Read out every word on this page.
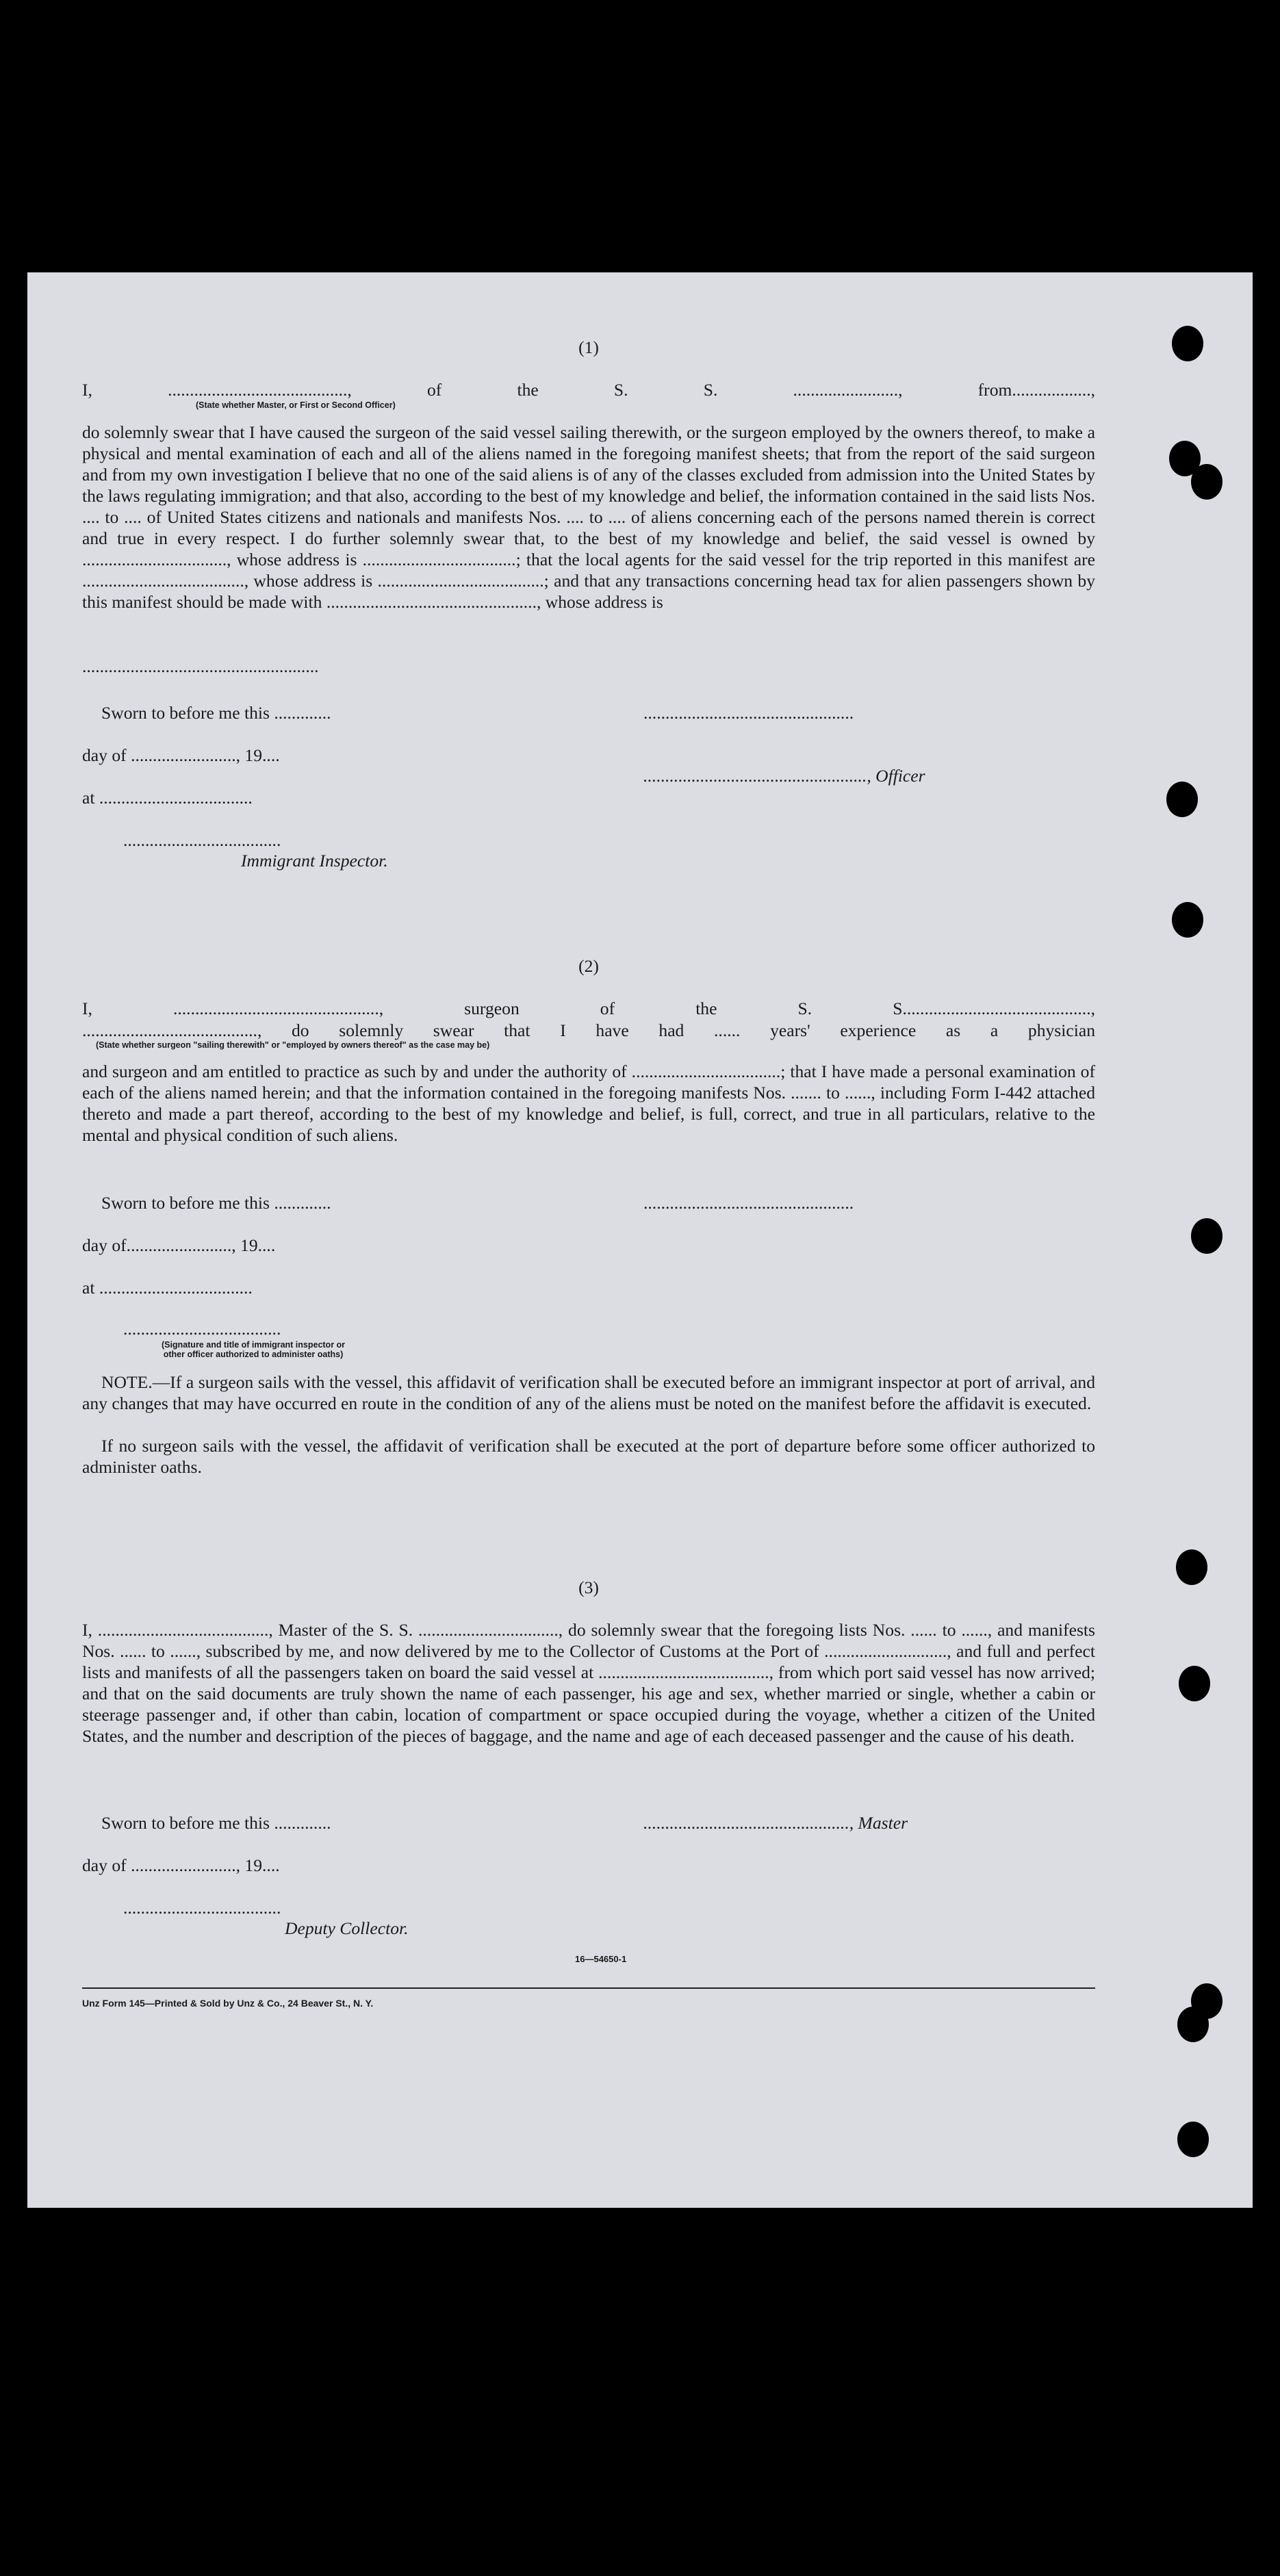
(1)
I, ........................................., of the S. S. ........................, from..................,
(State whether Master, or First or Second Officer)
do solemnly swear that I have caused the surgeon of the said vessel sailing therewith, or the surgeon employed by the owners thereof, to make a physical and mental examination of each and all of the aliens named in the foregoing manifest sheets; that from the report of the said surgeon and from my own investigation I believe that no one of the said aliens is of any of the classes excluded from admission into the United States by the laws regulating immigration; and that also, according to the best of my knowledge and belief, the information contained in the said lists Nos. .... to .... of United States citizens and nationals and manifests Nos. .... to .... of aliens concerning each of the persons named therein is correct and true in every respect. I do further solemnly swear that, to the best of my knowledge and belief, the said vessel is owned by ................................., whose address is ...................................; that the local agents for the said vessel for the trip reported in this manifest are ....................................., whose address is ......................................; and that any transactions concerning head tax for alien passengers shown by this manifest should be made with ................................................, whose address is
......................................................
Sworn to before me this .............	................................................
day of ........................, 19....
..................................................., Officer
at ...................................
....................................
Immigrant Inspector.
(2)
I, ..............................................., surgeon of the S. S...........................................,
........................................, do solemnly swear that I have had ...... years' experience as a physician
(State whether surgeon "sailing therewith" or "employed by owners thereof" as the case may be)
and surgeon and am entitled to practice as such by and under the authority of ..................................; that I have made a personal examination of each of the aliens named herein; and that the information contained in the foregoing manifests Nos. ....... to ......, including Form I-442 attached thereto and made a part thereof, according to the best of my knowledge and belief, is full, correct, and true in all particulars, relative to the mental and physical condition of such aliens.
Sworn to before me this .............	................................................
day of........................, 19....
at ...................................
....................................
(Signature and title of immigrant inspector or
other officer authorized to administer oaths)
NOTE.—If a surgeon sails with the vessel, this affidavit of verification shall be executed before an immigrant inspector at port of arrival, and any changes that may have occurred en route in the condition of any of the aliens must be noted on the manifest before the affidavit is executed.
If no surgeon sails with the vessel, the affidavit of verification shall be executed at the port of departure before some officer authorized to administer oaths.
(3)
I, ......................................., Master of the S. S. ................................, do solemnly swear that the foregoing lists Nos. ...... to ......, and manifests Nos. ...... to ......, subscribed by me, and now delivered by me to the Collector of Customs at the Port of ............................, and full and perfect lists and manifests of all the passengers taken on board the said vessel at ......................................., from which port said vessel has now arrived; and that on the said documents are truly shown the name of each passenger, his age and sex, whether married or single, whether a cabin or steerage passenger and, if other than cabin, location of compartment or space occupied during the voyage, whether a citizen of the United States, and the number and description of the pieces of baggage, and the name and age of each deceased passenger and the cause of his death.
Sworn to before me this .............	..............................................., Master
day of ........................, 19....
....................................
Deputy Collector.
16—54650-1
Unz Form 145—Printed & Sold by Unz & Co., 24 Beaver St., N. Y.
